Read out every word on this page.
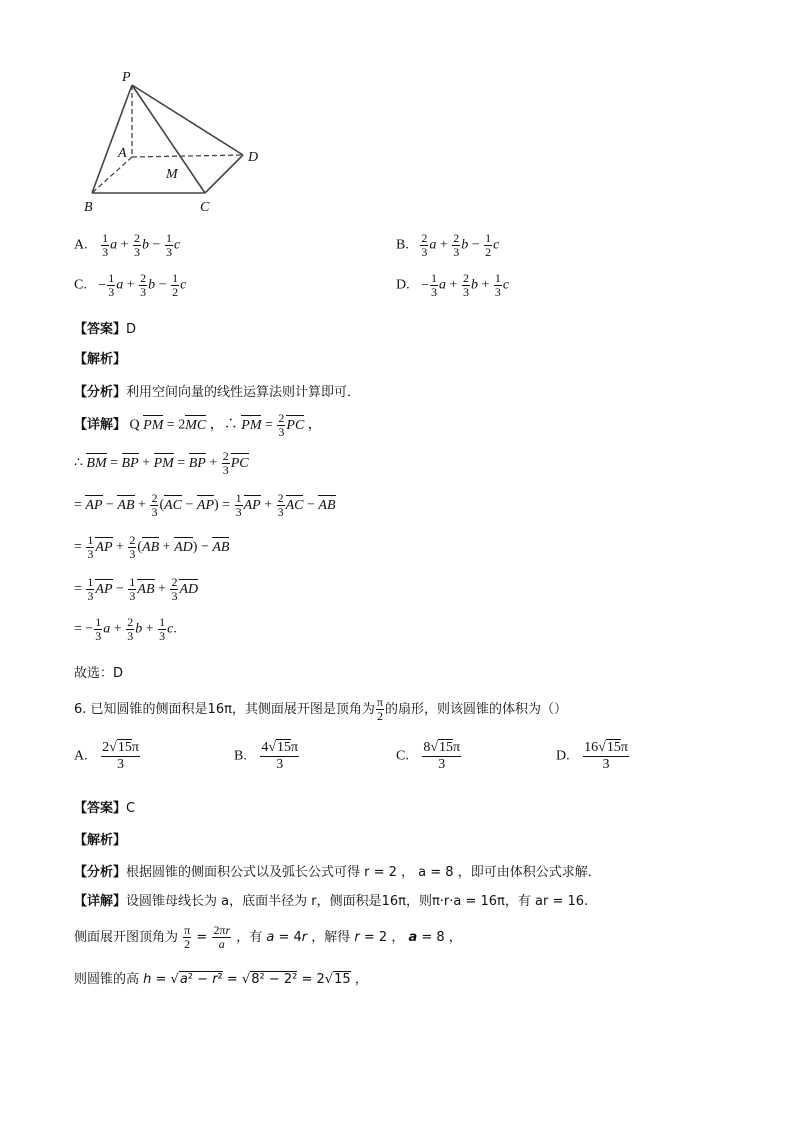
P
A	D
M
B	C
A. $\frac{1}{3}$ $a + \frac{2}{3}$ $b - \frac{1}{3}$ c	B. $\frac{2}{3}$ $a + \frac{2}{3}$ $b - \frac{1}{2}$ c
C. − $\frac{1}{3}$ $a + \frac{2}{3}$ $b - \frac{1}{2}$ c	D. − $\frac{1}{3}$ $a + \frac{2}{3}$ $b + \frac{1}{3}$ c
【答案】D
【解析】
【分析】利用空间向量的线性运算法则计算即可．
【详解】 Q PM = 2MC ，∴ PM = $\frac{2}{3}$ PC ，
∴ BM = BP + PM = BP + $\frac{2}{3}$ PC
= AP − AB + $\frac{2}{3} (AC - AP) = \frac{1}{3}$ AP + $\frac{2}{3}$ AC − AB
= $\frac{1}{3}$ AP + $\frac{2}{3} (AB + AD)$ − AB
= $\frac{1}{3}$ AP − $\frac{1}{3}$ AB + $\frac{2}{3}$ AD
= − $\frac{1}{3}$ $a + \frac{2}{3}$ $b + \frac{1}{3} c$.
故选：D
6. 已知圆锥的侧面积是16π，其侧面展开图是顶角为 $\frac{\pi}{2}$ 的扇形，则该圆锥的体积为（）
A. $\frac{2√15\pi}{3}$	B. $\frac{4√15\pi}{3}$	C. $\frac{8√15\pi}{3}$	D. $\frac{16√15\pi}{3}$
【答案】C
【解析】
【分析】根据圆锥的侧面积公式以及弧长公式可得 r = 2 ， a = 8 ，即可由体积公式求解．
【详解】设圆锥母线长为 a，底面半径为 r，侧面积是16π，则π·r·a = 16π，有 ar = 16.
侧面展开图顶角为 $\frac{\pi}{2} = \frac{2\pi r}{a}$ ，有 a = 4r ，解得 r = 2 ， a = 8 ，
则圆锥的高 h = √a² − r² = √8² − 2² = 2√15 ，
